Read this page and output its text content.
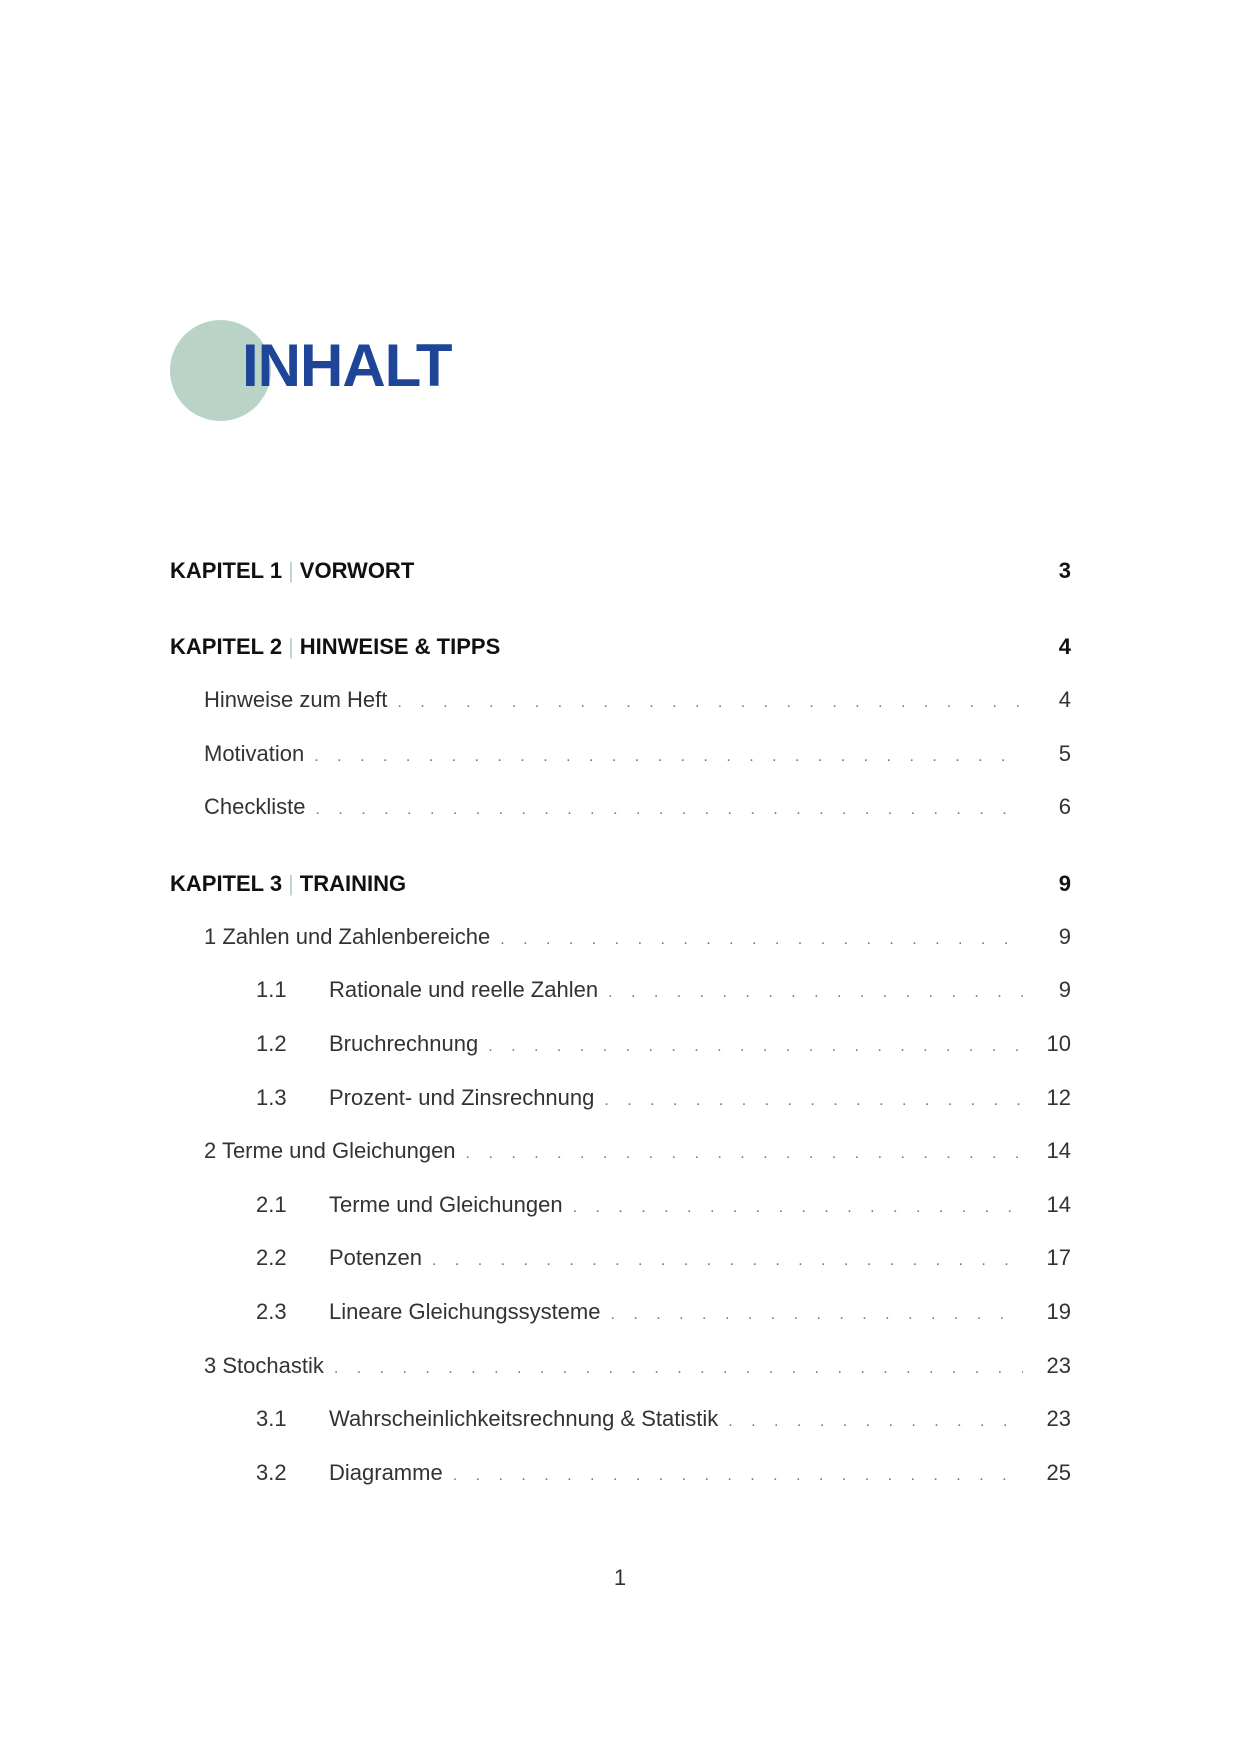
INHALT
KAPITEL 1 | VORWORT	3
KAPITEL 2 | HINWEISE & TIPPS	4
Hinweise zum Heft . . .	4
Motivation . . .	5
Checkliste . . .	6
KAPITEL 3 | TRAINING	9
1 Zahlen und Zahlenbereiche . . .	9
1.1	Rationale und reelle Zahlen . . .	9
1.2	Bruchrechnung . . .	10
1.3	Prozent- und Zinsrechnung . . .	12
2 Terme und Gleichungen . . .	14
2.1	Terme und Gleichungen . . .	14
2.2	Potenzen . . .	17
2.3	Lineare Gleichungssysteme . . .	19
3 Stochastik . . .	23
3.1	Wahrscheinlichkeitsrechnung & Statistik . . .	23
3.2	Diagramme . . .	25
1
